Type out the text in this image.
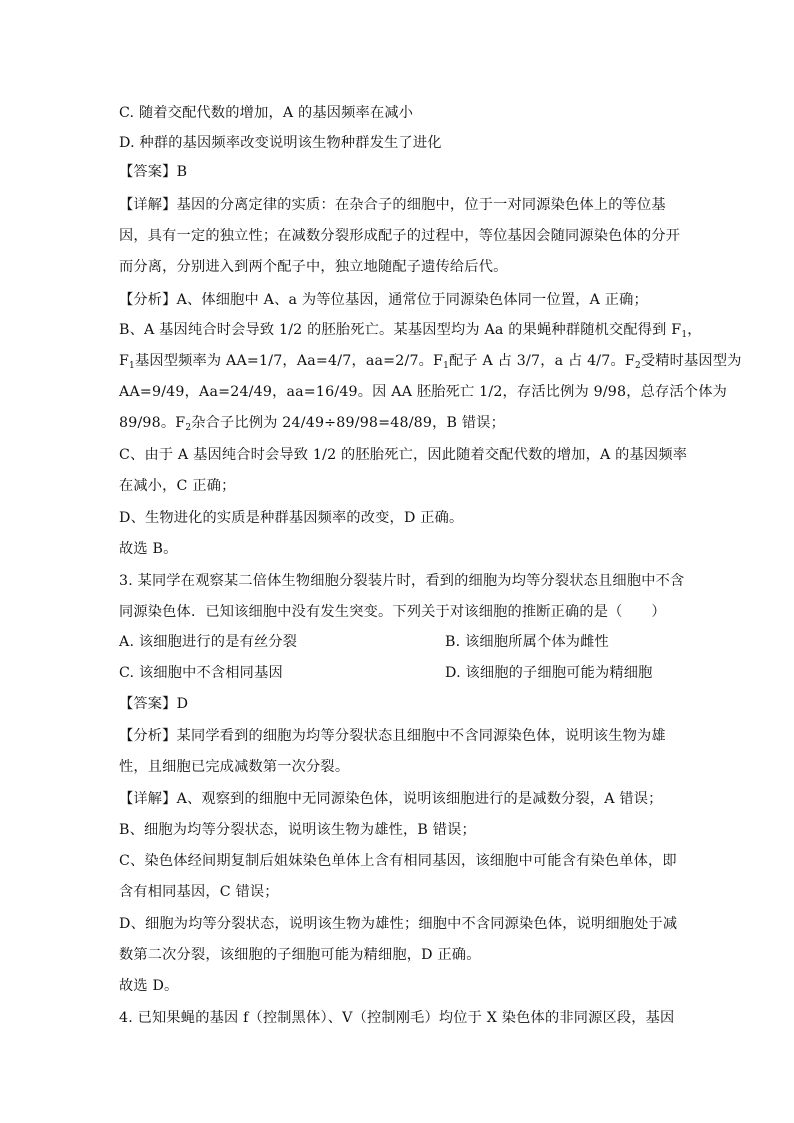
C. 随着交配代数的增加，A 的基因频率在减小
D. 种群的基因频率改变说明该生物种群发生了进化
【答案】B
【详解】基因的分离定律的实质：在杂合子的细胞中，位于一对同源染色体上的等位基
因，具有一定的独立性；在减数分裂形成配子的过程中，等位基因会随同源染色体的分开
而分离，分别进入到两个配子中，独立地随配子遗传给后代。
【分析】A、体细胞中 A、a 为等位基因，通常位于同源染色体同一位置，A 正确；
B、A 基因纯合时会导致 1/2 的胚胎死亡。某基因型均为 Aa 的果蝇种群随机交配得到 $F_1$，
$F_1$基因型频率为 AA=1/7，Aa=4/7，aa=2/7。$F_1$配子 A 占 3/7，a 占 4/7。$F_2$受精时基因型为
AA=9/49，Aa=24/49，aa=16/49。因 AA 胚胎死亡 1/2，存活比例为 9/98，总存活个体为
89/98。$F_2$杂合子比例为 24/49÷89/98=48/89，B 错误；
C、由于 A 基因纯合时会导致 1/2 的胚胎死亡，因此随着交配代数的增加，A 的基因频率
在减小，C 正确；
D、生物进化的实质是种群基因频率的改变，D 正确。
故选 B。
3. 某同学在观察某二倍体生物细胞分裂装片时，看到的细胞为均等分裂状态且细胞中不含
同源染色体．已知该细胞中没有发生突变。下列关于对该细胞的推断正确的是（　　）
A. 该细胞进行的是有丝分裂	B. 该细胞所属个体为雌性
C. 该细胞中不含相同基因	D. 该细胞的子细胞可能为精细胞
【答案】D
【分析】某同学看到的细胞为均等分裂状态且细胞中不含同源染色体，说明该生物为雄
性，且细胞已完成减数第一次分裂。
【详解】A、观察到的细胞中无同源染色体，说明该细胞进行的是减数分裂，A 错误；
B、细胞为均等分裂状态，说明该生物为雄性，B 错误；
C、染色体经间期复制后姐妹染色单体上含有相同基因，该细胞中可能含有染色单体，即
含有相同基因，C 错误；
D、细胞为均等分裂状态，说明该生物为雄性；细胞中不含同源染色体，说明细胞处于减
数第二次分裂，该细胞的子细胞可能为精细胞，D 正确。
故选 D。
4. 已知果蝇的基因 f（控制黑体）、V（控制刚毛）均位于 X 染色体的非同源区段，基因
